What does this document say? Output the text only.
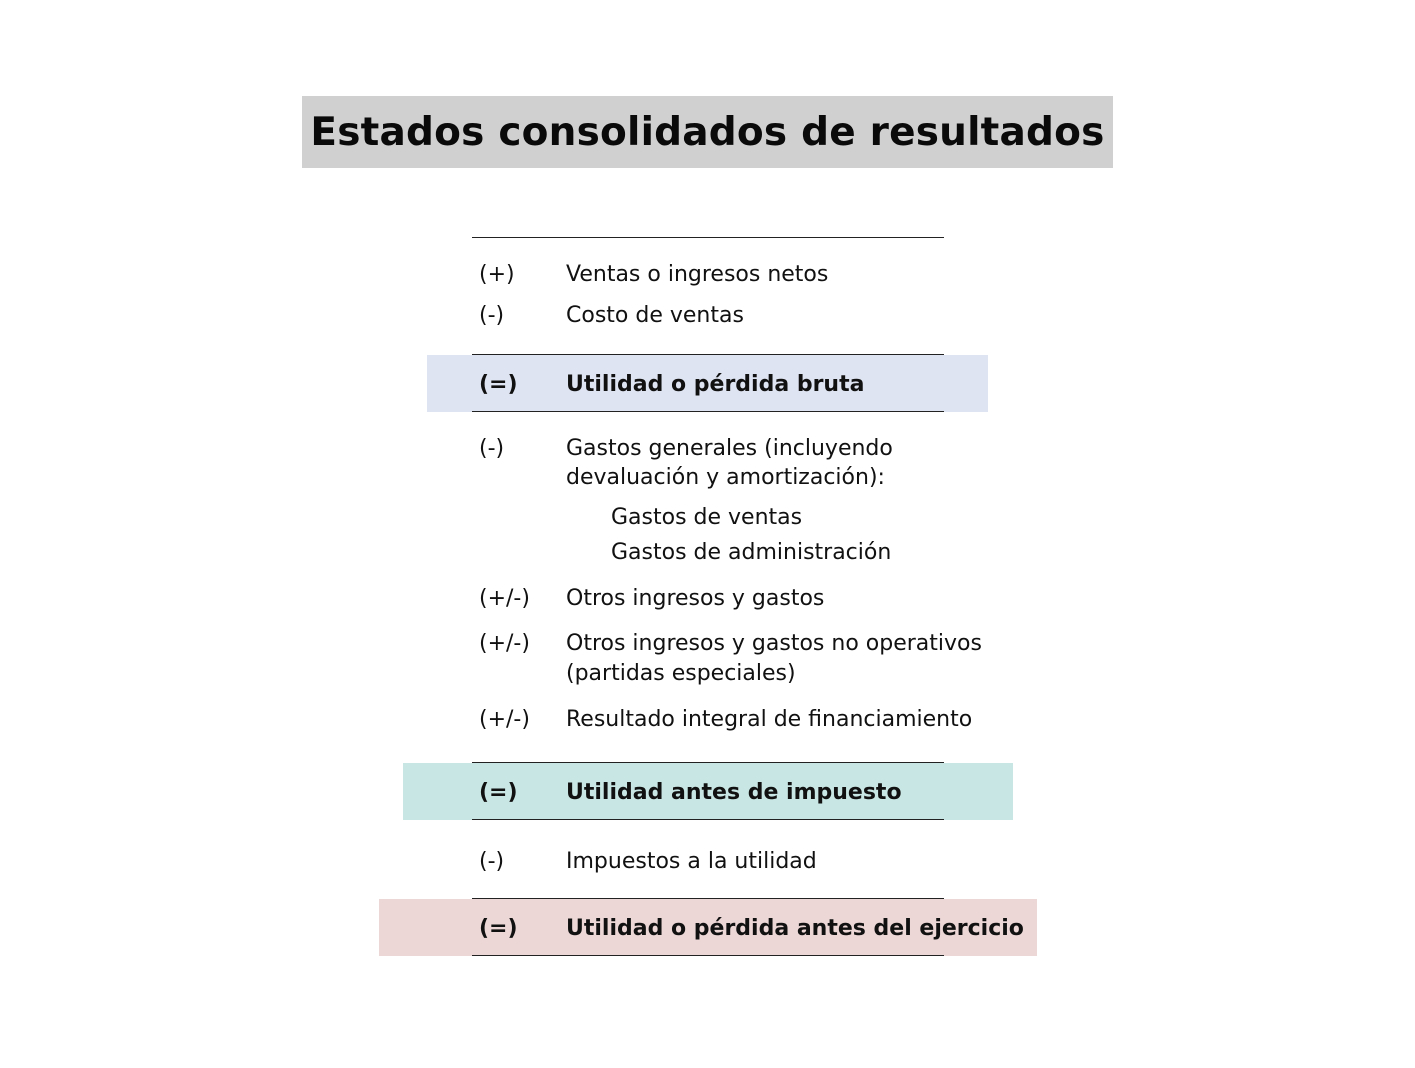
Estados consolidados de resultados
(+) Ventas o ingresos netos
(-)	Costo de ventas
(=) Utilidad o pérdida bruta
(-)	Gastos generales (incluyendo
devaluación y amortización):
Gastos de ventas
Gastos de administración
(+/-) Otros ingresos y gastos
(+/-) Otros ingresos y gastos no operativos
(partidas especiales)
(+/-) Resultado integral de financiamiento
(=) Utilidad antes de impuesto
(-)	Impuestos a la utilidad
(=) Utilidad o pérdida antes del ejercicio
